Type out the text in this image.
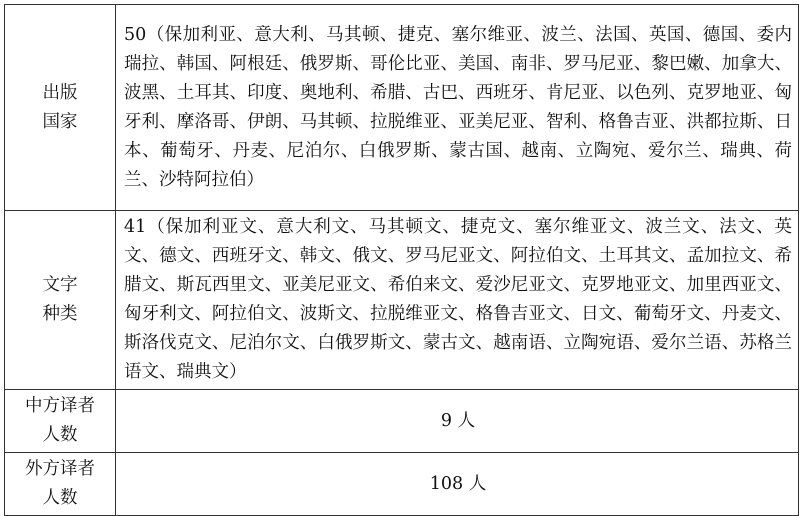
出版国家	50（保加利亚、意大利、马其顿、捷克、塞尔维亚、波兰、法国、英国、德国、委内瑞拉、韩国、阿根廷、俄罗斯、哥伦比亚、美国、南非、罗马尼亚、黎巴嫩、加拿大、波黑、土耳其、印度、奥地利、希腊、古巴、西班牙、肯尼亚、以色列、克罗地亚、匈牙利、摩洛哥、伊朗、马其顿、拉脱维亚、亚美尼亚、智利、格鲁吉亚、洪都拉斯、日本、葡萄牙、丹麦、尼泊尔、白俄罗斯、蒙古国、越南、立陶宛、爱尔兰、瑞典、荷兰、沙特阿拉伯）
文字种类	41（保加利亚文、意大利文、马其顿文、捷克文、塞尔维亚文、波兰文、法文、英文、德文、西班牙文、韩文、俄文、罗马尼亚文、阿拉伯文、土耳其文、孟加拉文、希腊文、斯瓦西里文、亚美尼亚文、希伯来文、爱沙尼亚文、克罗地亚文、加里西亚文、匈牙利文、阿拉伯文、波斯文、拉脱维亚文、格鲁吉亚文、日文、葡萄牙文、丹麦文、斯洛伐克文、尼泊尔文、白俄罗斯文、蒙古文、越南语、立陶宛语、爱尔兰语、苏格兰语文、瑞典文）
中方译者人数	9 人
外方译者人数	108 人
